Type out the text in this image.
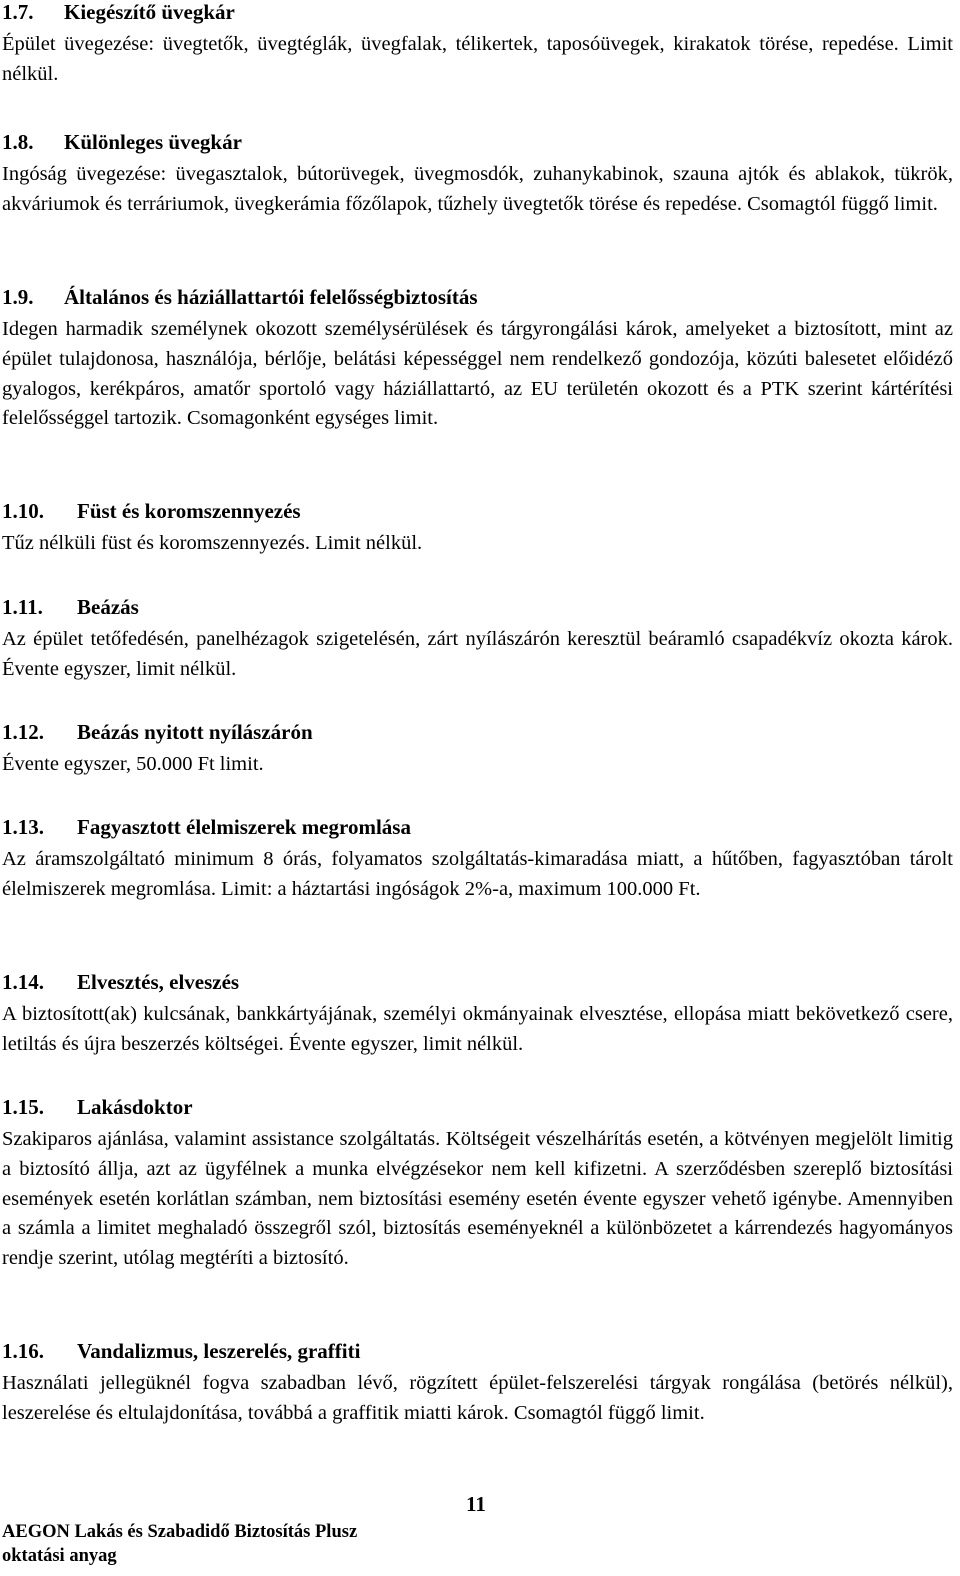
1.7. Kiegészítő üvegkár

Épület üvegezése: üvegtetők, üvegtéglák, üvegfalak, télikertek, taposóüvegek, kirakatok törése, repedése. Limit nélkül.

1.8. Különleges üvegkár

Ingóság üvegezése: üvegasztalok, bútorüvegek, üvegmosdók, zuhanykabinok, szauna ajtók és ablakok, tükrök, akváriumok és terráriumok, üvegkerámia főzőlapok, tűzhely üvegtetők törése és repedése. Csomagtól függő limit.

1.9. Általános és háziállattartói felelősségbiztosítás

Idegen harmadik személynek okozott személysérülések és tárgyrongálási károk, amelyeket a biztosított, mint az épület tulajdonosa, használója, bérlője, belátási képességgel nem rendelkező gondozója, közúti balesetet előidéző gyalogos, kerékpáros, amatőr sportoló vagy háziállattartó, az EU területén okozott és a PTK szerint kártérítési felelősséggel tartozik. Csomagonként egységes limit.

1.10. Füst és koromszennyezés

Tűz nélküli füst és koromszennyezés. Limit nélkül.

1.11. Beázás

Az épület tetőfedésén, panelhézagok szigetelésén, zárt nyílászárón keresztül beáramló csapadékvíz okozta károk. Évente egyszer, limit nélkül.

1.12. Beázás nyitott nyílászárón

Évente egyszer, 50.000 Ft limit.

1.13. Fagyasztott élelmiszerek megromlása

Az áramszolgáltató minimum 8 órás, folyamatos szolgáltatás-kimaradása miatt, a hűtőben, fagyasztóban tárolt élelmiszerek megromlása. Limit: a háztartási ingóságok 2%-a, maximum 100.000 Ft.

1.14. Elvesztés, elveszés

A biztosított(ak) kulcsának, bankkártyájának, személyi okmányainak elvesztése, ellopása miatt bekövetkező csere, letiltás és újra beszerzés költségei. Évente egyszer, limit nélkül.

1.15. Lakásdoktor

Szakiparos ajánlása, valamint assistance szolgáltatás. Költségeit vészelhárítás esetén, a kötvényen megjelölt limitig a biztosító állja, azt az ügyfélnek a munka elvégzésekor nem kell kifizetni. A szerződésben szereplő biztosítási események esetén korlátlan számban, nem biztosítási esemény esetén évente egyszer vehető igénybe. Amennyiben a számla a limitet meghaladó összegről szól, biztosítás eseményeknél a különbözetet a kárrendezés hagyományos rendje szerint, utólag megtéríti a biztosító.

1.16. Vandalizmus, leszerelés, graffiti

Használati jellegüknél fogva szabadban lévő, rögzített épület-felszerelési tárgyak rongálása (betörés nélkül), leszerelése és eltulajdonítása, továbbá a graffitik miatti károk. Csomagtól függő limit.

11
AEGON Lakás és Szabadidő Biztosítás Plusz
oktatási anyag
